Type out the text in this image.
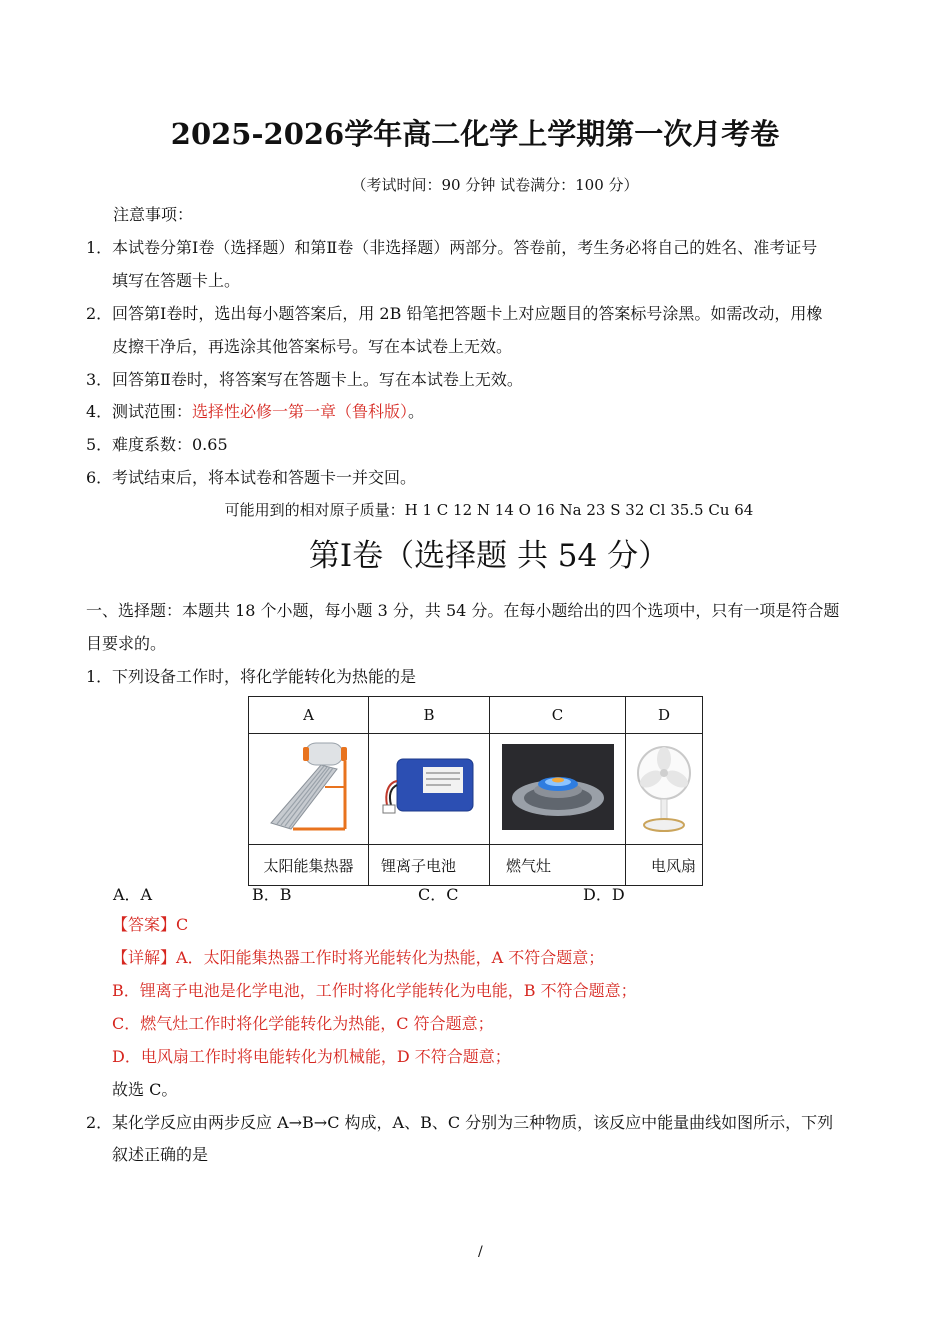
2025-2026学年高二化学上学期第一次月考卷
（考试时间：90 分钟 试卷满分：100 分）
注意事项：
1．本试卷分第Ⅰ卷（选择题）和第Ⅱ卷（非选择题）两部分。答卷前，考生务必将自己的姓名、准考证号
填写在答题卡上。
2．回答第Ⅰ卷时，选出每小题答案后，用 2B 铅笔把答题卡上对应题目的答案标号涂黑。如需改动，用橡
皮擦干净后，再选涂其他答案标号。写在本试卷上无效。
3．回答第Ⅱ卷时，将答案写在答题卡上。写在本试卷上无效。
4．测试范围：选择性必修一第一章（鲁科版）。
5．难度系数：0.65
6．考试结束后，将本试卷和答题卡一并交回。
可能用到的相对原子质量：H 1 C 12 N 14 O 16 Na 23 S 32 Cl 35.5 Cu 64
第Ⅰ卷（选择题 共 54 分）
一、选择题：本题共 18 个小题，每小题 3 分，共 54 分。在每小题给出的四个选项中，只有一项是符合题
目要求的。
1．下列设备工作时，将化学能转化为热能的是
A	B	C	D

太阳能集热器	锂离子电池	燃气灶	电风扇
A．A	B．B	C．C	D．D
【答案】C
【详解】A．太阳能集热器工作时将光能转化为热能，A 不符合题意；
B．锂离子电池是化学电池，工作时将化学能转化为电能，B 不符合题意；
C．燃气灶工作时将化学能转化为热能，C 符合题意；
D．电风扇工作时将电能转化为机械能，D 不符合题意；
故选 C。
2．某化学反应由两步反应 A→B→C 构成，A、B、C 分别为三种物质，该反应中能量曲线如图所示，下列
叙述正确的是
/
